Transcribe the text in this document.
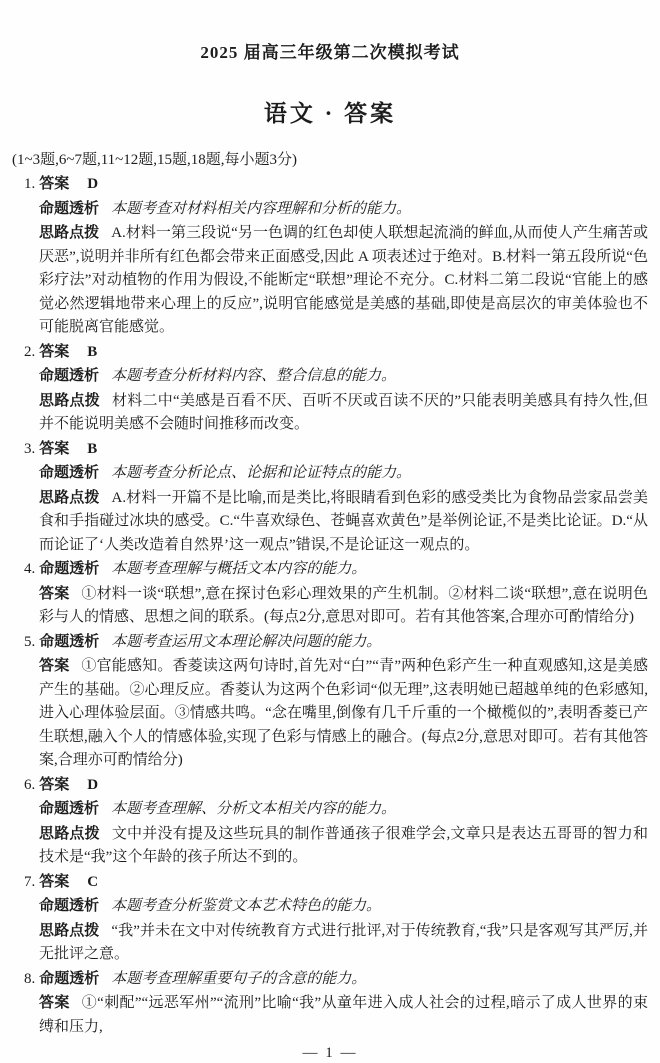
2025 届高三年级第二次模拟考试
语文 · 答案

(1~3题,6~7题,11~12题,15题,18题,每小题3分)

1. 答案 D

命题透析 本题考查对材料相关内容理解和分析的能力。

思路点拨 A.材料一第三段说“另一色调的红色却使人联想起流淌的鲜血,从而使人产生痛苦或厌恶”,说明并非所有红色都会带来正面感受,因此 A 项表述过于绝对。B.材料一第五段所说“色彩疗法”对动植物的作用为假设,不能断定“联想”理论不充分。C.材料二第二段说“官能上的感觉必然逻辑地带来心理上的反应”,说明官能感觉是美感的基础,即使是高层次的审美体验也不可能脱离官能感觉。

2. 答案 B

命题透析 本题考查分析材料内容、整合信息的能力。

思路点拨 材料二中“美感是百看不厌、百听不厌或百读不厌的”只能表明美感具有持久性,但并不能说明美感不会随时间推移而改变。

3. 答案 B

命题透析 本题考查分析论点、论据和论证特点的能力。

思路点拨 A.材料一开篇不是比喻,而是类比,将眼睛看到色彩的感受类比为食物品尝家品尝美食和手指碰过冰块的感受。C.“牛喜欢绿色、苍蝇喜欢黄色”是举例论证,不是类比论证。D.“从而论证了‘人类改造着自然界’这一观点”错误,不是论证这一观点的。

4. 命题透析 本题考查理解与概括文本内容的能力。

答案 ①材料一谈“联想”,意在探讨色彩心理效果的产生机制。②材料二谈“联想”,意在说明色彩与人的情感、思想之间的联系。(每点2分,意思对即可。若有其他答案,合理亦可酌情给分)

5. 命题透析 本题考查运用文本理论解决问题的能力。

答案 ①官能感知。香菱读这两句诗时,首先对“白”“青”两种色彩产生一种直观感知,这是美感产生的基础。②心理反应。香菱认为这两个色彩词“似无理”,这表明她已超越单纯的色彩感知,进入心理体验层面。③情感共鸣。“念在嘴里,倒像有几千斤重的一个橄榄似的”,表明香菱已产生联想,融入个人的情感体验,实现了色彩与情感上的融合。(每点2分,意思对即可。若有其他答案,合理亦可酌情给分)

6. 答案 D

命题透析 本题考查理解、分析文本相关内容的能力。

思路点拨 文中并没有提及这些玩具的制作普通孩子很难学会,文章只是表达五哥哥的智力和技术是“我”这个年龄的孩子所达不到的。

7. 答案 C

命题透析 本题考查分析鉴赏文本艺术特色的能力。

思路点拨 “我”并未在文中对传统教育方式进行批评,对于传统教育,“我”只是客观写其严厉,并无批评之意。

8. 命题透析 本题考查理解重要句子的含意的能力。

答案 ①“刺配”“远恶军州”“流刑”比喻“我”从童年进入成人社会的过程,暗示了成人世界的束缚和压力,

— 1 —
